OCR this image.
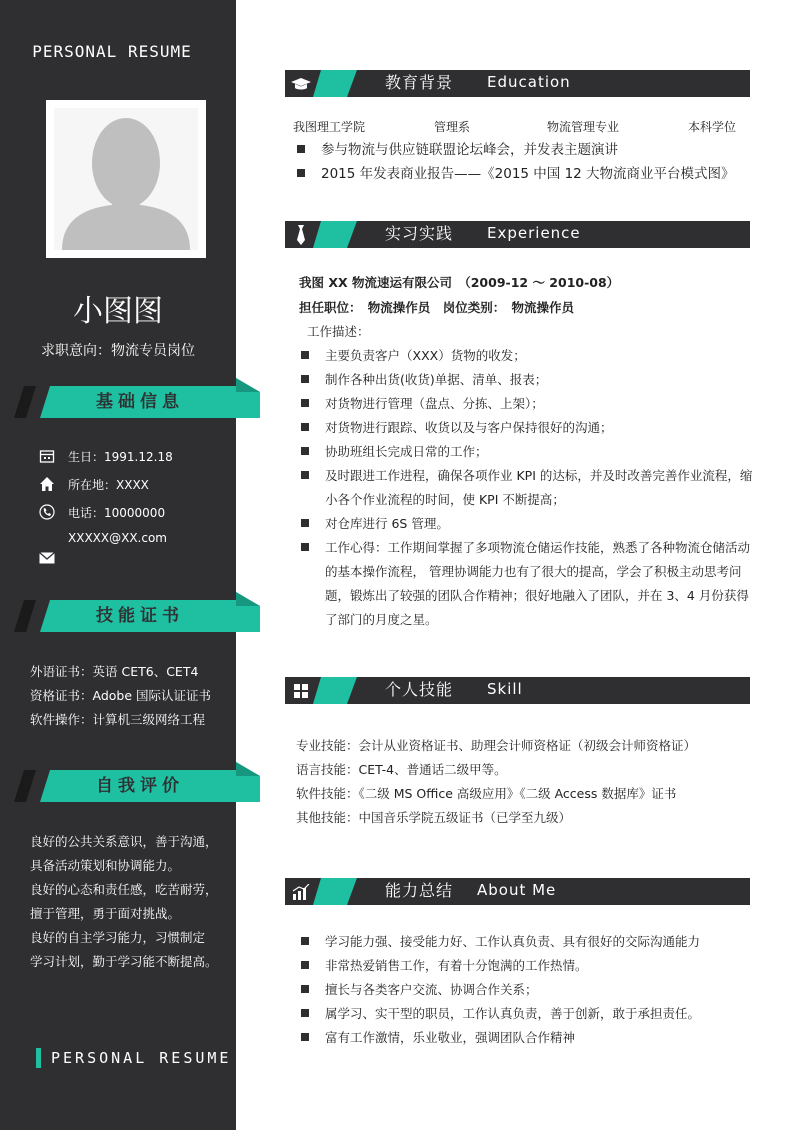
PERSONAL RESUME
小图图
求职意向：物流专员岗位
基础信息
生日：1991.12.18
所在地：XXXX
电话：10000000
XXXXX@XX.com
技能证书
外语证书：英语 CET6、CET4
资格证书：Adobe 国际认证证书
软件操作：计算机三级网络工程
自我评价
良好的公共关系意识，善于沟通，
具备活动策划和协调能力。
良好的心态和责任感，吃苦耐劳，
擅于管理，勇于面对挑战。
良好的自主学习能力，习惯制定
学习计划，勤于学习能不断提高。
PERSONAL RESUME
教育背景 Education
我图理工学院	管理系	物流管理专业	本科学位
参与物流与供应链联盟论坛峰会，并发表主题演讲
2015 年发表商业报告——《2015 中国 12 大物流商业平台模式图》
实习实践 Experience
我图 XX 物流速运有限公司　（2009-12 ～ 2010-08）
担任职位：　物流操作员　岗位类别：　物流操作员
工作描述：
主要负责客户（XXX）货物的收发；
制作各种出货(收货)单据、清单、报表；
对货物进行管理（盘点、分拣、上架）；
对货物进行跟踪、收货以及与客户保持很好的沟通；
协助班组长完成日常的工作；
及时跟进工作进程，确保各项作业 KPI 的达标，并及时改善完善作业流程，缩小各个作业流程的时间，使 KPI 不断提高；
对仓库进行 6S 管理。
工作心得：工作期间掌握了多项物流仓储运作技能，熟悉了各种物流仓储活动的基本操作流程， 管理协调能力也有了很大的提高，学会了积极主动思考问题，锻炼出了较强的团队合作精神；很好地融入了团队，并在 3、4 月份获得了部门的月度之星。
个人技能 Skill
专业技能：会计从业资格证书、助理会计师资格证（初级会计师资格证）
语言技能：CET-4、普通话二级甲等。
软件技能：《二级 MS Office 高级应用》《二级 Access 数据库》证书
其他技能：中国音乐学院五级证书（已学至九级）
能力总结 About Me
学习能力强、接受能力好、工作认真负责、具有很好的交际沟通能力
非常热爱销售工作，有着十分饱满的工作热情。
擅长与各类客户交流、协调合作关系；
属学习、实干型的职员，工作认真负责，善于创新，敢于承担责任。
富有工作激情，乐业敬业，强调团队合作精神
